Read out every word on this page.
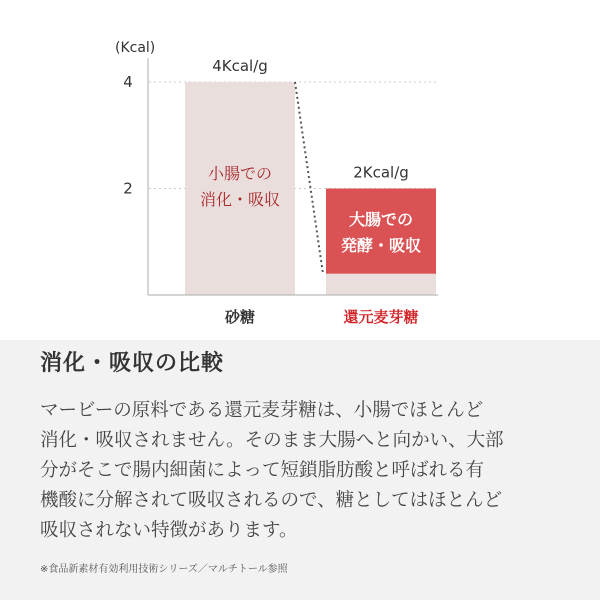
(Kcal)
4
2
4Kcal/g
小腸での
消化・吸収
砂糖
2Kcal/g
大腸での
発酵・吸収
還元麦芽糖
消化・吸収の比較
マービーの原料である還元麦芽糖は、小腸でほとんど
消化・吸収されません。そのまま大腸へと向かい、大部
分がそこで腸内細菌によって短鎖脂肪酸と呼ばれる有
機酸に分解されて吸収されるので、糖としてはほとんど
吸収されない特徴があります。

※食品新素材有効利用技術シリーズ／マルチトール参照
